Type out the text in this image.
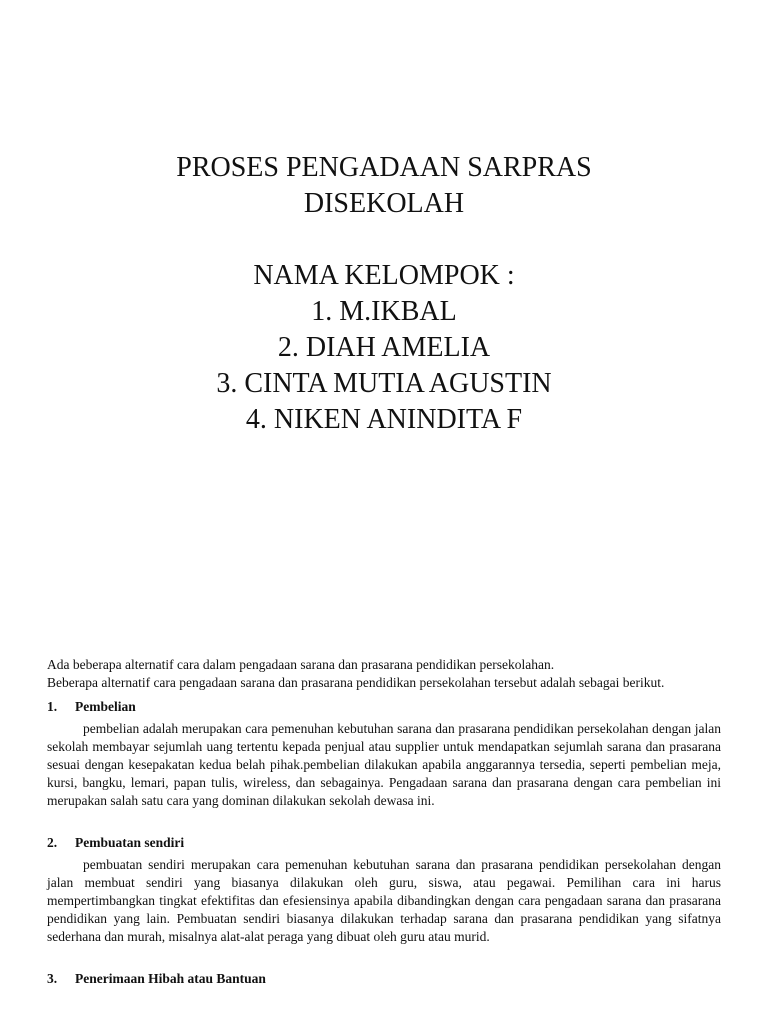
PROSES PENGADAAN SARPRAS
DISEKOLAH
NAMA KELOMPOK :
1. M.IKBAL
2. DIAH AMELIA
3. CINTA MUTIA AGUSTIN
4. NIKEN ANINDITA F

Ada beberapa alternatif cara dalam pengadaan sarana dan prasarana pendidikan persekolahan.

Beberapa alternatif cara pengadaan sarana dan prasarana pendidikan persekolahan tersebut adalah sebagai berikut.

1. Pembelian

pembelian adalah merupakan cara pemenuhan kebutuhan sarana dan prasarana pendidikan persekolahan dengan jalan sekolah membayar sejumlah uang tertentu kepada penjual atau supplier untuk mendapatkan sejumlah sarana dan prasarana sesuai dengan kesepakatan kedua belah pihak.pembelian dilakukan apabila anggarannya tersedia, seperti pembelian meja, kursi, bangku, lemari, papan tulis, wireless, dan sebagainya. Pengadaan sarana dan prasarana dengan cara pembelian ini merupakan salah satu cara yang dominan dilakukan sekolah dewasa ini.

2. Pembuatan sendiri

pembuatan sendiri merupakan cara pemenuhan kebutuhan sarana dan prasarana pendidikan persekolahan dengan jalan membuat sendiri yang biasanya dilakukan oleh guru, siswa, atau pegawai. Pemilihan cara ini harus mempertimbangkan tingkat efektifitas dan efesiensinya apabila dibandingkan dengan cara pengadaan sarana dan prasarana pendidikan yang lain. Pembuatan sendiri biasanya dilakukan terhadap sarana dan prasarana pendidikan yang sifatnya sederhana dan murah, misalnya alat-alat peraga yang dibuat oleh guru atau murid.

3. Penerimaan Hibah atau Bantuan
